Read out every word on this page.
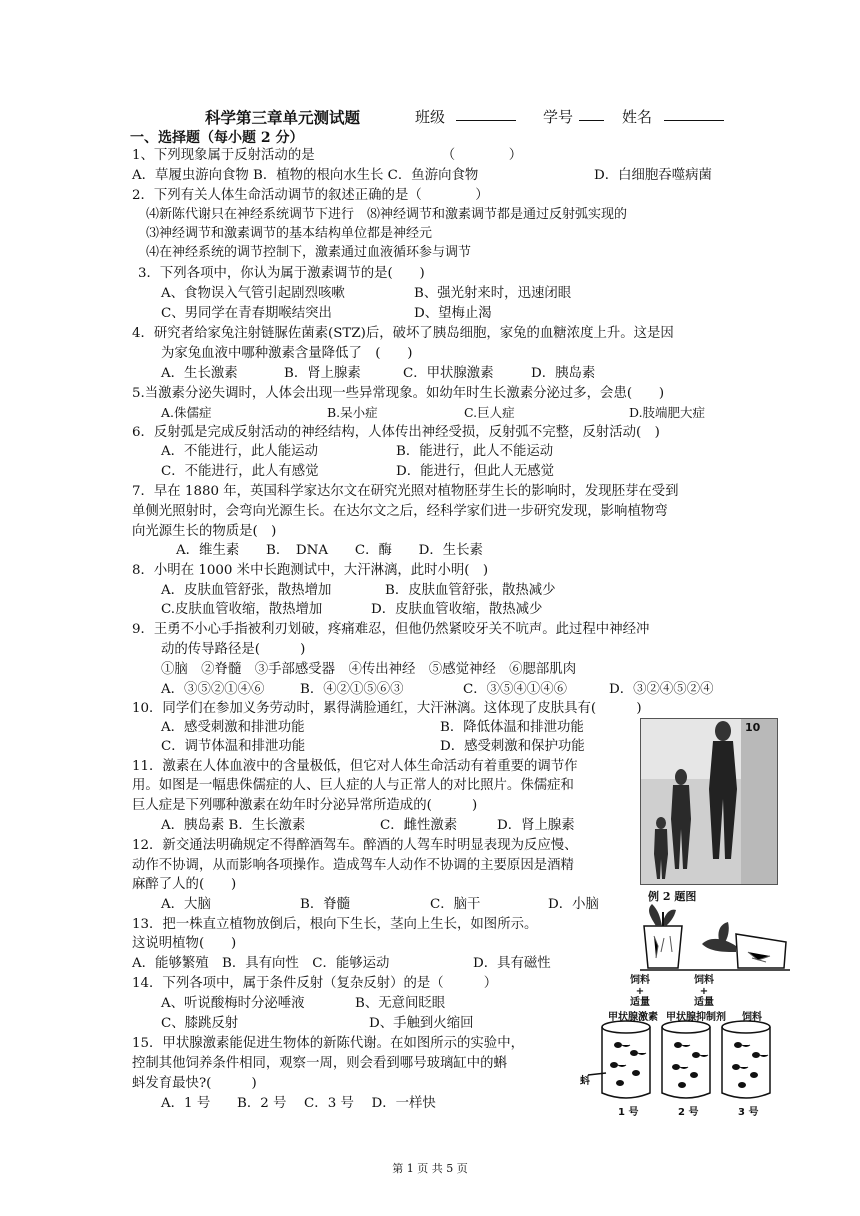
科学第三章单元测试题	班级	学号	姓名
一、选择题（每小题 2 分）
1、下列现象属于反射活动的是　　　　　　　　　　（　　　　）
A．草履虫游向食物 B．植物的根向水生长 C．鱼游向食物	D．白细胞吞噬病菌
2．下列有关人体生命活动调节的叙述正确的是（　　　　）
⑷新陈代谢只在神经系统调节下进行　⑻神经调节和激素调节都是通过反射弧实现的
⑶神经调节和激素调节的基本结构单位都是神经元
⑷在神经系统的调节控制下，激素通过血液循环参与调节
3．下列各项中，你认为属于激素调节的是(　　)
A、食物误入气管引起剧烈咳嗽	B、强光射来时，迅速闭眼
C、男同学在青春期喉结突出	D、望梅止渴
4．研究者给家兔注射链脲佐菌素(STZ)后，破坏了胰岛细胞，家兔的血糖浓度上升。这是因
为家兔血液中哪种激素含量降低了　(　　)
A．生长激素	B．肾上腺素	C．甲状腺激素	D．胰岛素
5.当激素分泌失调时，人体会出现一些异常现象。如幼年时生长激素分泌过多，会患(　　)
A.侏儒症	B.呆小症	C.巨人症	D.肢端肥大症
6．反射弧是完成反射活动的神经结构，人体传出神经受损，反射弧不完整，反射活动(　)
A．不能进行，此人能运动	B．能进行，此人不能运动
C．不能进行，此人有感觉	D．能进行，但此人无感觉
7．早在 1880 年，英国科学家达尔文在研究光照对植物胚芽生长的影响时，发现胚芽在受到
单侧光照射时，会弯向光源生长。在达尔文之后，经科学家们进一步研究发现，影响植物弯
向光源生长的物质是(　)
A．维生素　　B．　DNA　　C．酶　　D．生长素
8．小明在 1000 米中长跑测试中，大汗淋漓，此时小明(　)
A．皮肤血管舒张，散热增加	B．皮肤血管舒张，散热减少
C.皮肤血管收缩，散热增加	D．皮肤血管收缩，散热减少
9．王勇不小心手指被利刃划破，疼痛难忍，但他仍然紧咬牙关不吭声。此过程中神经冲
动的传导路径是(　　　)
①脑　②脊髓　③手部感受器　④传出神经　⑤感觉神经　⑥腮部肌肉
A．③⑤②①④⑥	B．④②①⑤⑥③	C．③⑤④①④⑥	D．③②④⑤②④
10．同学们在参加义务劳动时，累得满脸通红，大汗淋漓。这体现了皮肤具有(　　　)
A．感受刺激和排泄功能	B．降低体温和排泄功能
C．调节体温和排泄功能	D．感受刺激和保护功能
11．激素在人体血液中的含量极低，但它对人体生命活动有着重要的调节作
用。如图是一幅患侏儒症的人、巨人症的人与正常人的对比照片。侏儒症和
巨人症是下列哪种激素在幼年时分泌异常所造成的(　　　)
A．胰岛素 B．生长激素	C．雌性激素	D．肾上腺素
12．新交通法明确规定不得醉酒驾车。醉酒的人驾车时明显表现为反应慢、
动作不协调，从而影响各项操作。造成驾车人动作不协调的主要原因是酒精
麻醉了人的(　　)
A．大脑	B．脊髓	C．脑干	D．小脑
13．把一株直立植物放倒后，根向下生长，茎向上生长，如图所示。
这说明植物(　　)
A．能够繁殖　B．具有向性　C．能够运动	D．具有磁性
14．下列各项中，属于条件反射（复杂反射）的是（　　　）
A、听说酸梅时分泌唾液	B、无意间眨眼
C、膝跳反射	D、手触到火缩回
15．甲状腺激素能促进生物体的新陈代谢。在如图所示的实验中，
控制其他饲养条件相同，观察一周，则会看到哪号玻璃缸中的蝌
蚪发育最快?(　　　)
A．1 号　　B．2 号　 C．3 号　 D．一样快
10
例 2 题图
饲料
+
适量
甲状腺激素
饲料
+
适量
甲状腺抑制剂 饲料
蚪
1 号	2 号	3 号
第 1 页 共 5 页
